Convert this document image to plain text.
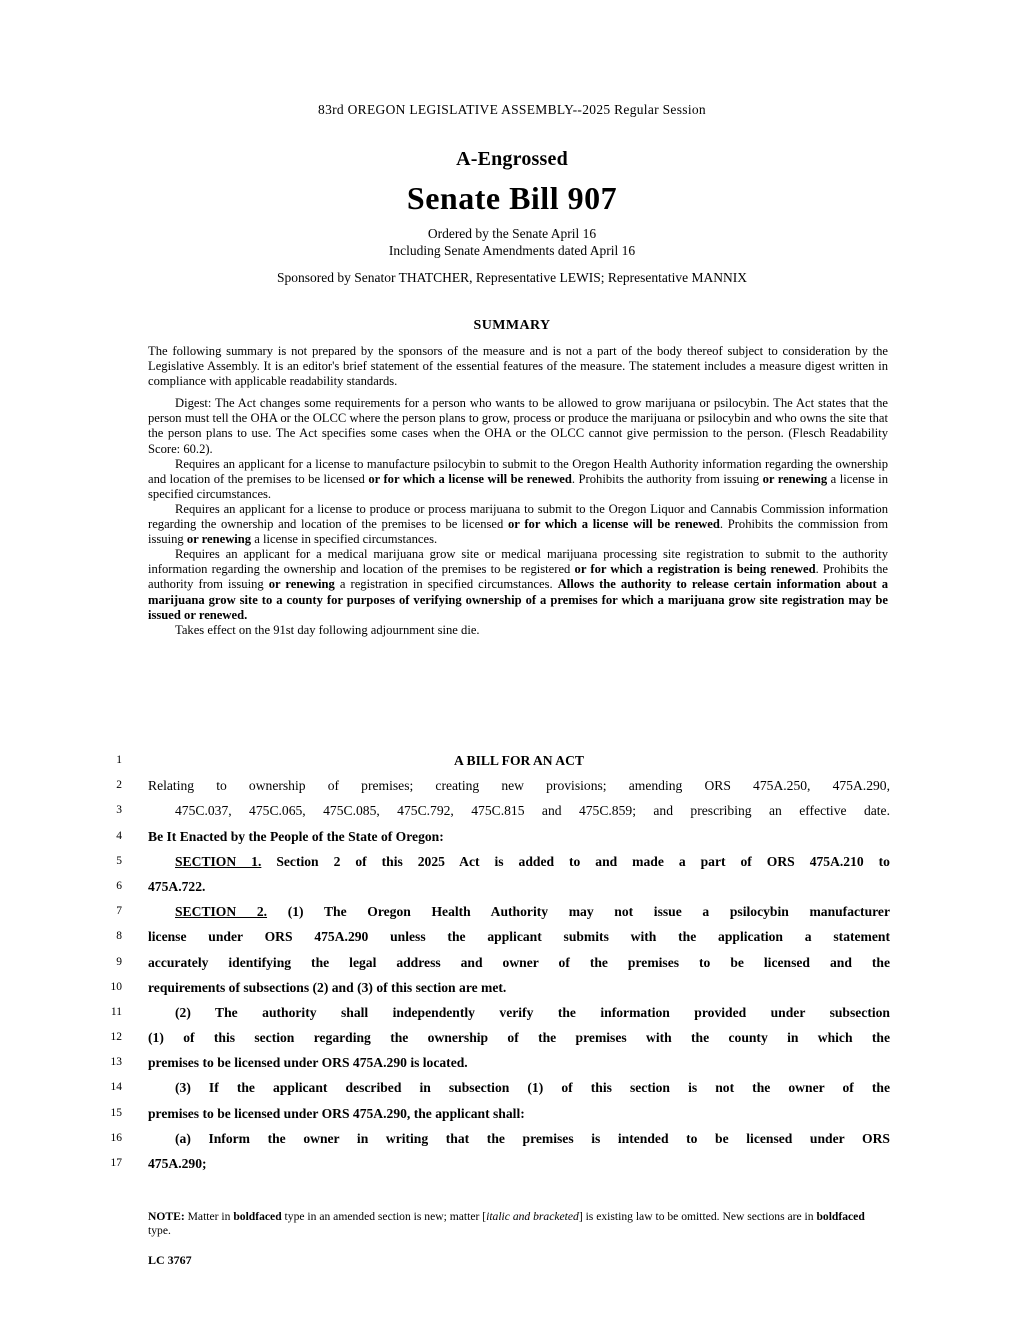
83rd OREGON LEGISLATIVE ASSEMBLY--2025 Regular Session
A-Engrossed
Senate Bill 907
Ordered by the Senate April 16
Including Senate Amendments dated April 16
Sponsored by Senator THATCHER, Representative LEWIS; Representative MANNIX
SUMMARY

The following summary is not prepared by the sponsors of the measure and is not a part of the body thereof subject to consideration by the Legislative Assembly. It is an editor's brief statement of the essential features of the measure. The statement includes a measure digest written in compliance with applicable readability standards.

Digest: The Act changes some requirements for a person who wants to be allowed to grow marijuana or psilocybin. The Act states that the person must tell the OHA or the OLCC where the person plans to grow, process or produce the marijuana or psilocybin and who owns the site that the person plans to use. The Act specifies some cases when the OHA or the OLCC cannot give permission to the person. (Flesch Readability Score: 60.2).

Requires an applicant for a license to manufacture psilocybin to submit to the Oregon Health Authority information regarding the ownership and location of the premises to be licensed or for which a license will be renewed. Prohibits the authority from issuing or renewing a license in specified circumstances.

Requires an applicant for a license to produce or process marijuana to submit to the Oregon Liquor and Cannabis Commission information regarding the ownership and location of the premises to be licensed or for which a license will be renewed. Prohibits the commission from issuing or renewing a license in specified circumstances.

Requires an applicant for a medical marijuana grow site or medical marijuana processing site registration to submit to the authority information regarding the ownership and location of the premises to be registered or for which a registration is being renewed. Prohibits the authority from issuing or renewing a registration in specified circumstances. Allows the authority to release certain information about a marijuana grow site to a county for purposes of verifying ownership of a premises for which a marijuana grow site registration may be issued or renewed.

Takes effect on the 91st day following adjournment sine die.

1	A BILL FOR AN ACT
2 Relating to ownership of premises; creating new provisions; amending ORS 475A.250, 475A.290,
3	475C.037, 475C.065, 475C.085, 475C.792, 475C.815 and 475C.859; and prescribing an effective date.
4 Be It Enacted by the People of the State of Oregon:
5	SECTION 1. Section 2 of this 2025 Act is added to and made a part of ORS 475A.210 to
6 475A.722.
7	SECTION 2. (1) The Oregon Health Authority may not issue a psilocybin manufacturer
8 license under ORS 475A.290 unless the applicant submits with the application a statement
9 accurately identifying the legal address and owner of the premises to be licensed and the
10 requirements of subsections (2) and (3) of this section are met.
11	(2) The authority shall independently verify the information provided under subsection
12 (1) of this section regarding the ownership of the premises with the county in which the
13 premises to be licensed under ORS 475A.290 is located.
14	(3) If the applicant described in subsection (1) of this section is not the owner of the
15 premises to be licensed under ORS 475A.290, the applicant shall:
16	(a) Inform the owner in writing that the premises is intended to be licensed under ORS
17 475A.290;
NOTE: Matter in boldfaced type in an amended section is new; matter [italic and bracketed] is existing law to be omitted. New sections are in boldfaced type.
LC 3767
